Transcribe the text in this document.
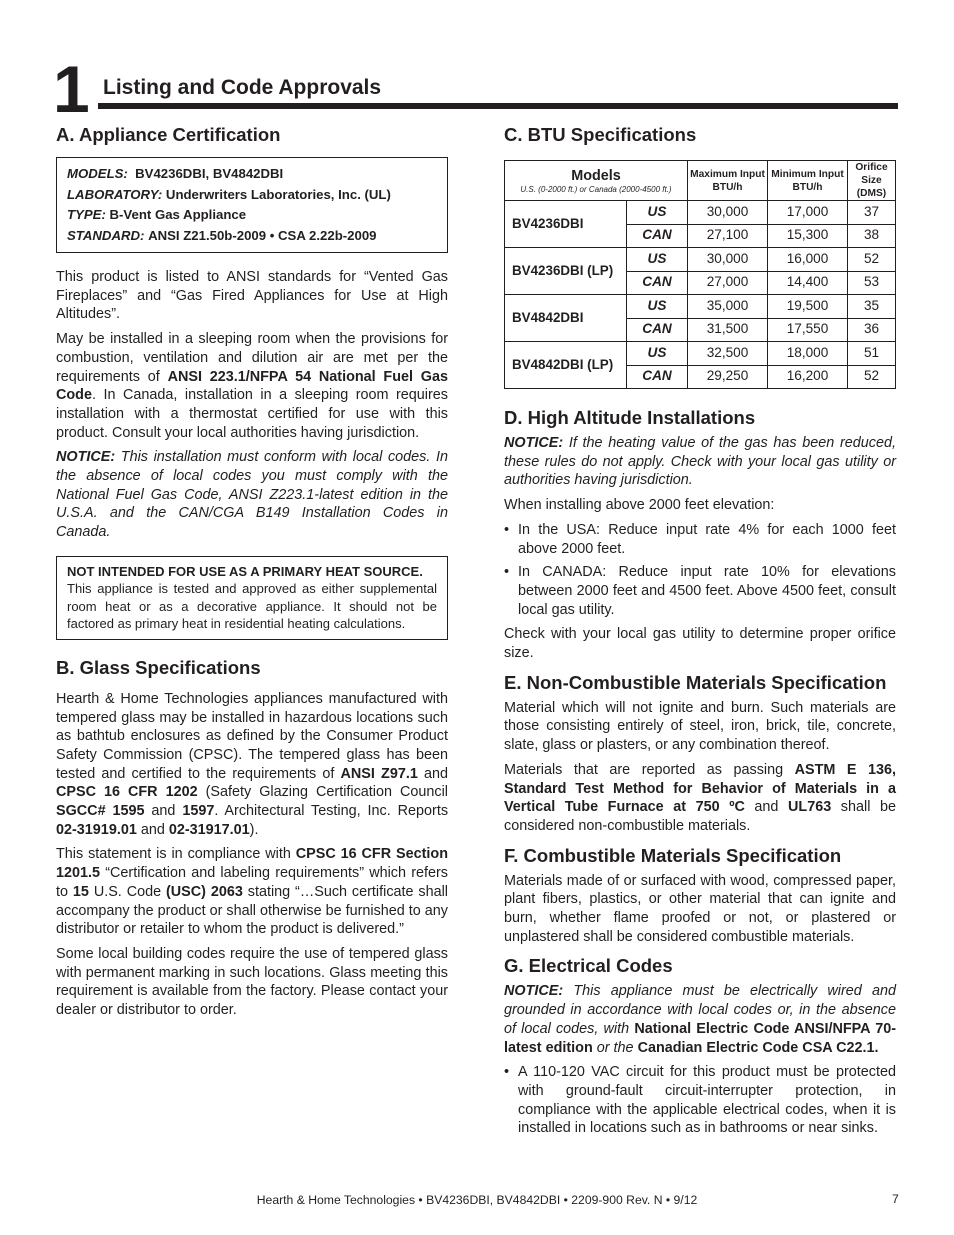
1 Listing and Code Approvals
A. Appliance Certification
MODELS: BV4236DBI, BV4842DBI
LABORATORY: Underwriters Laboratories, Inc. (UL)
TYPE: B-Vent Gas Appliance
STANDARD: ANSI Z21.50b-2009 • CSA 2.22b-2009

This product is listed to ANSI standards for “Vented Gas Fireplaces” and “Gas Fired Appliances for Use at High Altitudes”.

May be installed in a sleeping room when the provisions for combustion, ventilation and dilution air are met per the requirements of ANSI 223.1/NFPA 54 National Fuel Gas Code. In Canada, installation in a sleeping room requires installation with a thermostat certified for use with this product. Consult your local authorities having jurisdiction.

NOTICE: This installation must conform with local codes. In the absence of local codes you must comply with the National Fuel Gas Code, ANSI Z223.1-latest edition in the U.S.A. and the CAN/CGA B149 Installation Codes in Canada.

NOT INTENDED FOR USE AS A PRIMARY HEAT SOURCE.
This appliance is tested and approved as either supplemental room heat or as a decorative appliance. It should not be factored as primary heat in residential heating calculations.
B. Glass Specifications

Hearth & Home Technologies appliances manufactured with tempered glass may be installed in hazardous locations such as bathtub enclosures as defined by the Consumer Product Safety Commission (CPSC). The tempered glass has been tested and certified to the requirements of ANSI Z97.1 and CPSC 16 CFR 1202 (Safety Glazing Certification Council SGCC# 1595 and 1597. Architectural Testing, Inc. Reports 02-31919.01 and 02-31917.01).

This statement is in compliance with CPSC 16 CFR Section 1201.5 “Certification and labeling requirements” which refers to 15 U.S. Code (USC) 2063 stating “…Such certificate shall accompany the product or shall otherwise be furnished to any distributor or retailer to whom the product is delivered.”

Some local building codes require the use of tempered glass with permanent marking in such locations. Glass meeting this requirement is available from the factory. Please contact your dealer or distributor to order.

C. BTU Specifications
Models
U.S. (0-2000 ft.) or Canada (2000-4500 ft.)		Maximum Input BTU/h	Minimum Input BTU/h	Orifice Size (DMS)
BV4236DBI	US	30,000	17,000	37
	CAN	27,100	15,300	38
BV4236DBI (LP)	US	30,000	16,000	52
	CAN	27,000	14,400	53
BV4842DBI	US	35,000	19,500	35
	CAN	31,500	17,550	36
BV4842DBI (LP)	US	32,500	18,000	51
	CAN	29,250	16,200	52
D. High Altitude Installations

NOTICE: If the heating value of the gas has been reduced, these rules do not apply. Check with your local gas utility or authorities having jurisdiction.

When installing above 2000 feet elevation:

• In the USA: Reduce input rate 4% for each 1000 feet above 2000 feet.
• In CANADA: Reduce input rate 10% for elevations between 2000 feet and 4500 feet. Above 4500 feet, consult local gas utility.

Check with your local gas utility to determine proper orifice size.

E. Non-Combustible Materials Specification

Material which will not ignite and burn. Such materials are those consisting entirely of steel, iron, brick, tile, concrete, slate, glass or plasters, or any combination thereof.

Materials that are reported as passing ASTM E 136, Standard Test Method for Behavior of Materials in a Vertical Tube Furnace at 750 ºC and UL763 shall be considered non-combustible materials.

F. Combustible Materials Specification

Materials made of or surfaced with wood, compressed paper, plant fibers, plastics, or other material that can ignite and burn, whether flame proofed or not, or plastered or unplastered shall be considered combustible materials.

G. Electrical Codes

NOTICE: This appliance must be electrically wired and grounded in accordance with local codes or, in the absence of local codes, with National Electric Code ANSI/NFPA 70-latest edition or the Canadian Electric Code CSA C22.1.

• A 110-120 VAC circuit for this product must be protected with ground-fault circuit-interrupter protection, in compliance with the applicable electrical codes, when it is installed in locations such as in bathrooms or near sinks.
Hearth & Home Technologies • BV4236DBI, BV4842DBI • 2209-900 Rev. N • 9/12	7
